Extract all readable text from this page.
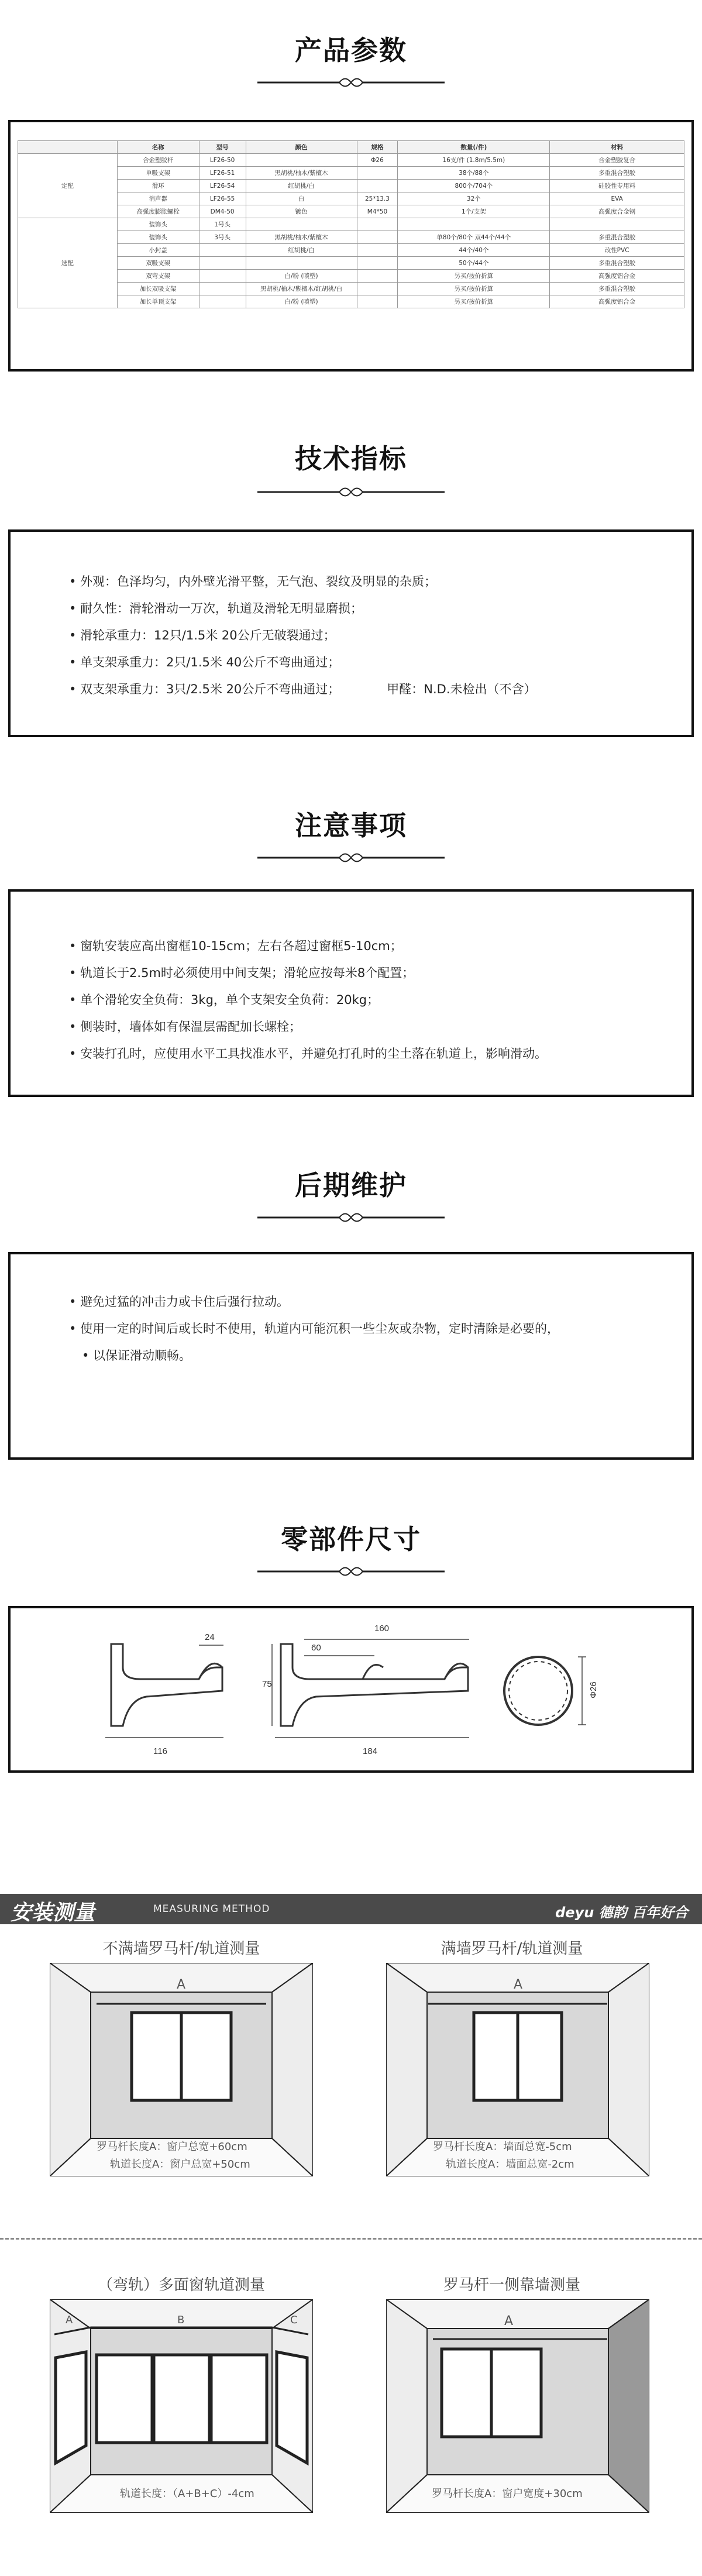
产品参数
	名称	型号	颜色	规格	数量(/件)	材料
定配	合金塑胶杆	LF26-50		Φ26	16支/件 (1.8m/5.5m)	合金塑胶复合
	单吸支架	LF26-51	黑胡桃/柚木/紫檀木		38个/88个	多重混合塑胶
	滑环	LF26-54	红胡桃/白		800个/704个	硅胶性专用料
	消声器	LF26-55	白	25*13.3	32个	EVA
	高强度膨胀螺栓	DM4-50	镀色	M4*50	1个/支架	高强度合金钢
选配	装饰头	1号头				
	装饰头	3号头	黑胡桃/柚木/紫檀木		单80个/80个 双44个/44个	多重混合塑胶
	小封盖		红胡桃/白		44个/40个	改性PVC
	双吸支架				50个/44个	多重混合塑胶
	双弯支架		白/粉 (喷塑)		另买/按价折算	高强度铝合金
	加长双吸支架		黑胡桃/柚木/紫檀木/红胡桃/白		另买/按价折算	多重混合塑胶
	加长单顶支架		白/粉 (喷塑)		另买/按价折算	高强度铝合金
技术指标
• 外观：色泽均匀，内外壁光滑平整，无气泡、裂纹及明显的杂质；
• 耐久性：滑轮滑动一万次，轨道及滑轮无明显磨损；
• 滑轮承重力：12只/1.5米 20公斤无破裂通过；
• 单支架承重力：2只/1.5米 40公斤不弯曲通过；
• 双支架承重力：3只/2.5米 20公斤不弯曲通过；	甲醛：N.D.未检出（不含）
注意事项
• 窗轨安装应高出窗框10-15cm；左右各超过窗框5-10cm；
• 轨道长于2.5m时必须使用中间支架；滑轮应按每米8个配置；
• 单个滑轮安全负荷：3kg，单个支架安全负荷：20kg；
• 侧装时，墙体如有保温层需配加长螺栓；
• 安装打孔时，应使用水平工具找准水平，并避免打孔时的尘土落在轨道上，影响滑动。
后期维护
• 避免过猛的冲击力或卡住后强行拉动。
• 使用一定的时间后或长时不使用，轨道内可能沉积一些尘灰或杂物，定时清除是必要的，
• 以保证滑动顺畅。
零部件尺寸
24
116
160
60
75
184
Φ26
安装测量	MEASURING METHOD	deyu 德韵 百年好合
不满墙罗马杆/轨道测量
A
罗马杆长度A：窗户总宽+60cm
轨道长度A：窗户总宽+50cm
满墙罗马杆/轨道测量
A
罗马杆长度A：墙面总宽-5cm
轨道长度A：墙面总宽-2cm
（弯轨）多面窗轨道测量
A	B	C
轨道长度：（A+B+C）-4cm
罗马杆一侧靠墙测量
A
罗马杆长度A：窗户宽度+30cm
